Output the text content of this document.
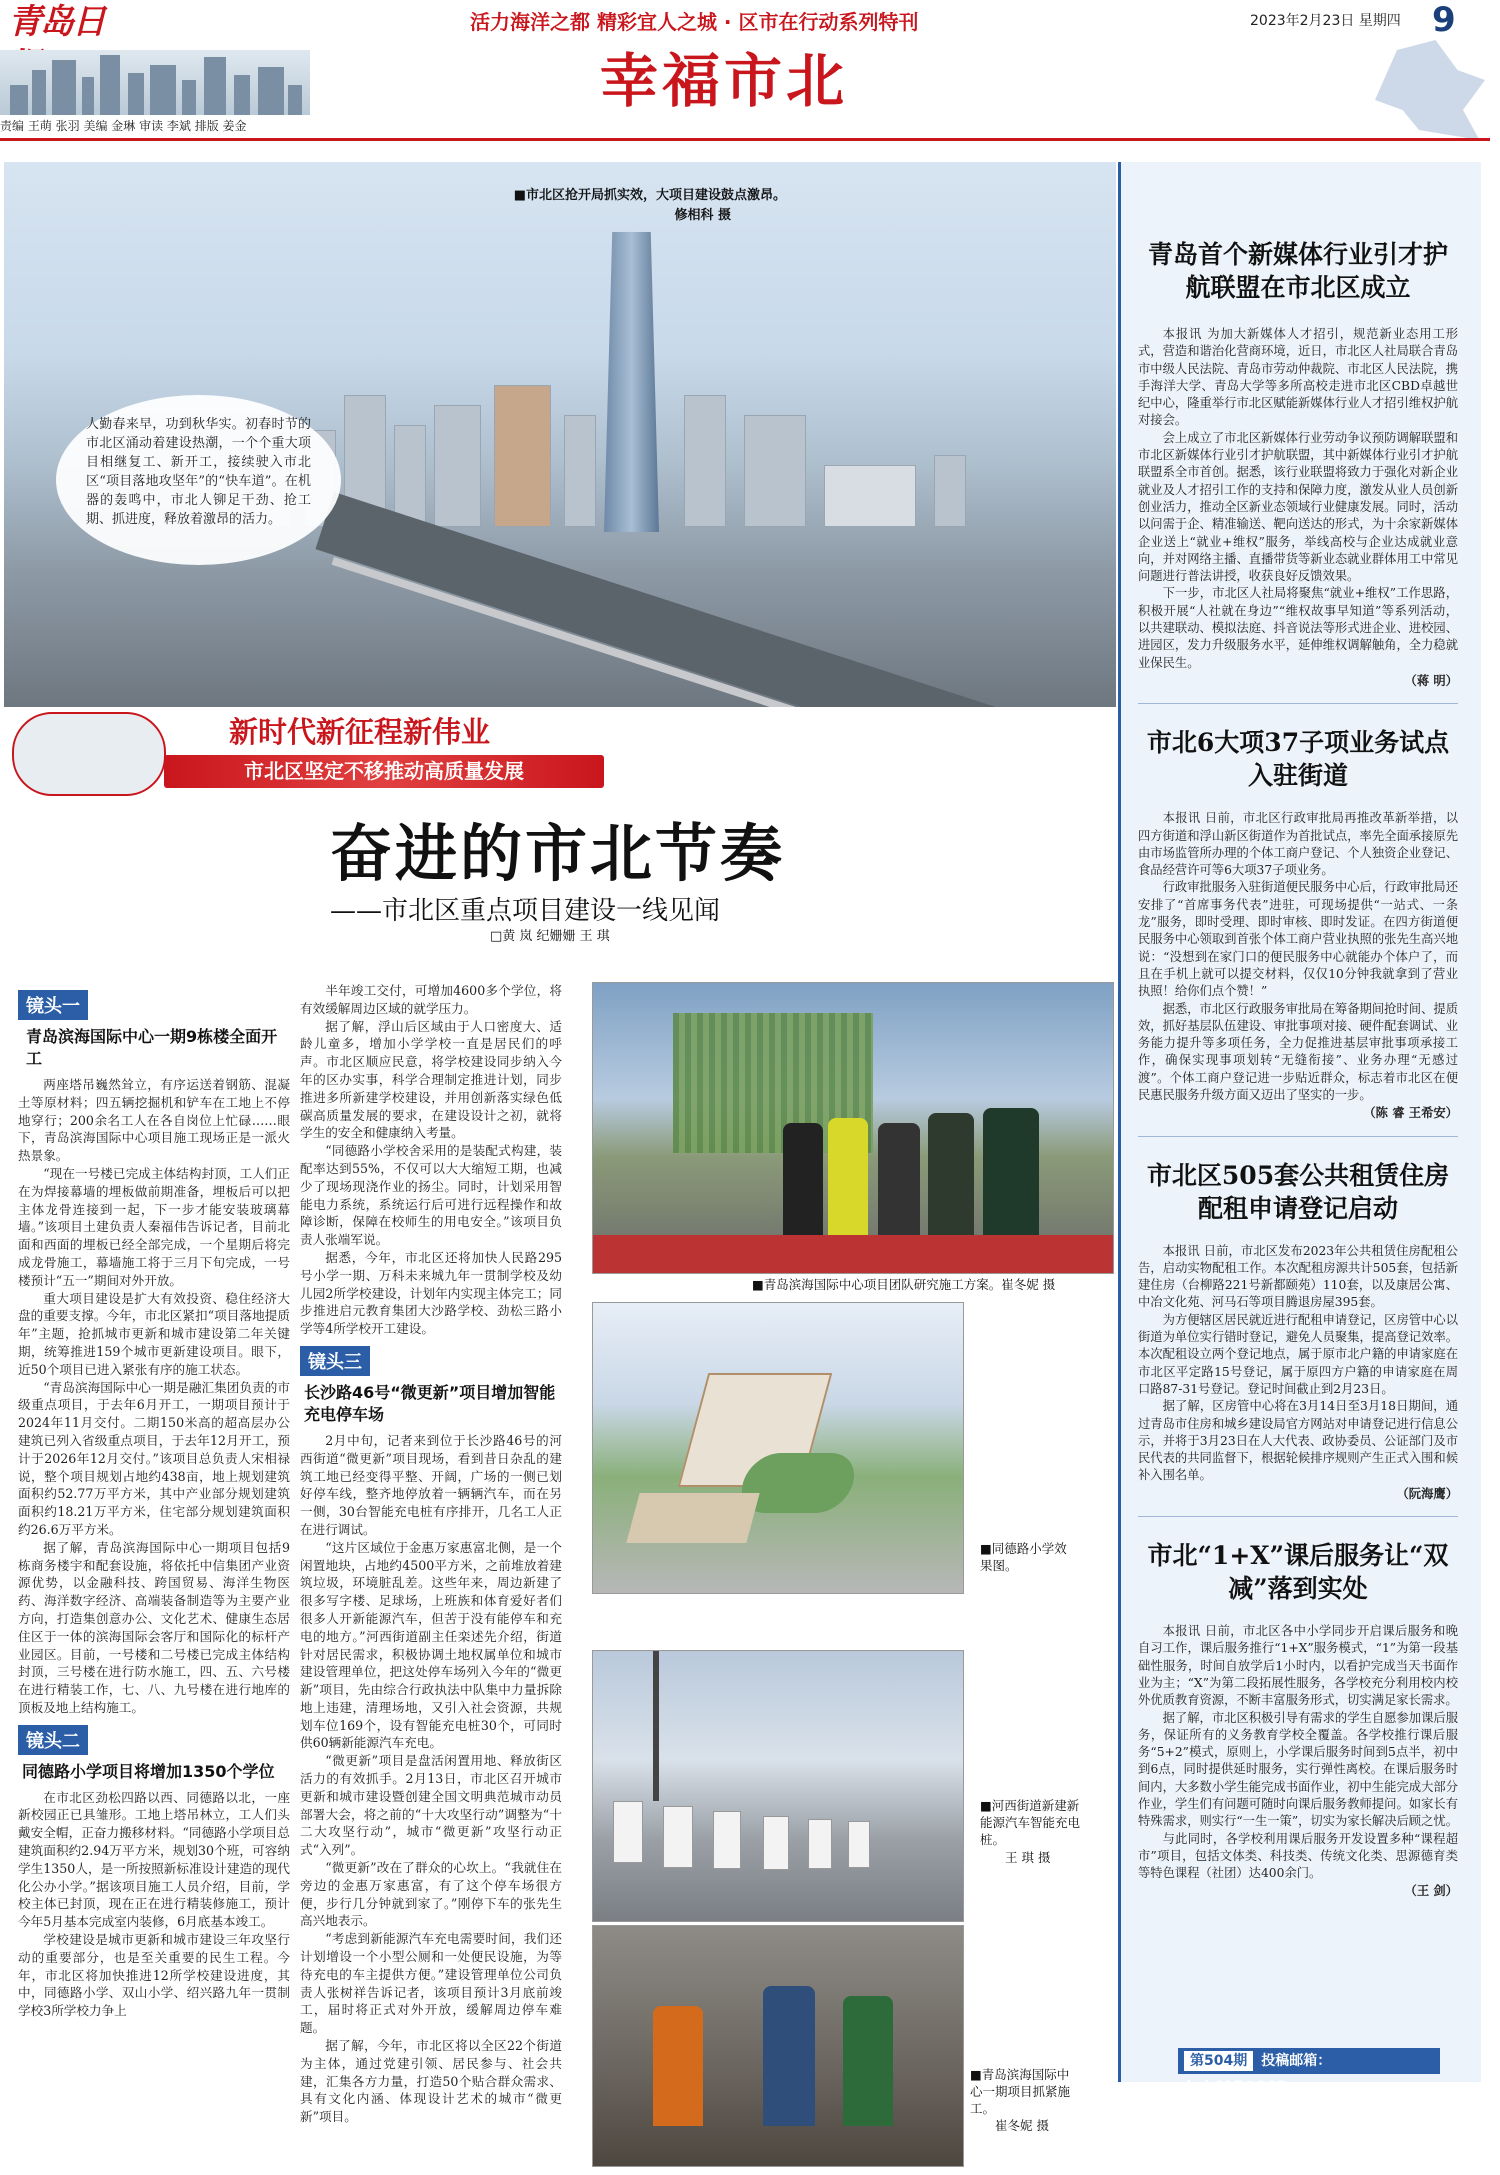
青岛日	活力海洋之都 精彩宜人之城 · 区市在行动系列特刊
幸福市北
2023年2月23日 星期四 9
责编 王萌 张羽 美编 金琳 审读 李斌 排版 姜金
■市北区抢开局抓实效，大项目建设鼓点激昂。
修相科 摄
人勤春来早，功到秋华实。初春时节的市北区涌动着建设热潮，一个个重大项目相继复工、新开工，接续驶入市北区“项目落地攻坚年”的“快车道”。在机器的轰鸣中，市北人铆足干劲、抢工期、抓进度，释放着激昂的活力。
新时代新征程新伟业
市北区坚定不移推动高质量发展
奋进的市北节奏
——市北区重点项目建设一线见闻
□黄 岚 纪姗姗 王 琪
镜头一
青岛滨海国际中心一期9栋楼全面开工

两座塔吊巍然耸立，有序运送着钢筋、混凝土等原材料；四五辆挖掘机和铲车在工地上不停地穿行；200余名工人在各自岗位上忙碌……眼下，青岛滨海国际中心项目施工现场正是一派火热景象。

“现在一号楼已完成主体结构封顶，工人们正在为焊接幕墙的埋板做前期准备，埋板后可以把主体龙骨连接到一起，下一步才能安装玻璃幕墙。”该项目土建负责人秦福伟告诉记者，目前北面和西面的埋板已经全部完成，一个星期后将完成龙骨施工，幕墙施工将于三月下旬完成，一号楼预计“五一”期间对外开放。

重大项目建设是扩大有效投资、稳住经济大盘的重要支撑。今年，市北区紧扣“项目落地提质年”主题，抢抓城市更新和城市建设第二年关键期，统筹推进159个城市更新建设项目。眼下，近50个项目已进入紧张有序的施工状态。

“青岛滨海国际中心一期是融汇集团负责的市级重点项目，于去年6月开工，一期项目预计于2024年11月交付。二期150米高的超高层办公建筑已列入省级重点项目，于去年12月开工，预计于2026年12月交付。”该项目总负责人宋相禄说，整个项目规划占地约438亩，地上规划建筑面积约52.77万平方米，其中产业部分规划建筑面积约18.21万平方米，住宅部分规划建筑面积约26.6万平方米。

据了解，青岛滨海国际中心一期项目包括9栋商务楼宇和配套设施，将依托中信集团产业资源优势，以金融科技、跨国贸易、海洋生物医药、海洋数字经济、高端装备制造等为主要产业方向，打造集创意办公、文化艺术、健康生态居住区于一体的滨海国际会客厅和国际化的标杆产业园区。目前，一号楼和二号楼已完成主体结构封顶，三号楼在进行防水施工，四、五、六号楼在进行精装工作，七、八、九号楼在进行地库的顶板及地上结构施工。

镜头二
同德路小学项目将增加1350个学位

在市北区劲松四路以西、同德路以北，一座新校园正已具雏形。工地上塔吊林立，工人们头戴安全帽，正奋力搬移材料。“同德路小学项目总建筑面积约2.94万平方米，规划30个班，可容纳学生1350人，是一所按照新标准设计建造的现代化公办小学。”据该项目施工人员介绍，目前，学校主体已封顶，现在正在进行精装修施工，预计今年5月基本完成室内装修，6月底基本竣工。

学校建设是城市更新和城市建设三年攻坚行动的重要部分，也是至关重要的民生工程。今年，市北区将加快推进12所学校建设进度，其中，同德路小学、双山小学、绍兴路九年一贯制学校3所学校力争上

半年竣工交付，可增加4600多个学位，将有效缓解周边区域的就学压力。

据了解，浮山后区域由于人口密度大、适龄儿童多，增加小学学校一直是居民们的呼声。市北区顺应民意，将学校建设同步纳入今年的区办实事，科学合理制定推进计划，同步推进多所新建学校建设，并用创新落实绿色低碳高质量发展的要求，在建设设计之初，就将学生的安全和健康纳入考量。

“同德路小学校舍采用的是装配式构建，装配率达到55%，不仅可以大大缩短工期，也减少了现场现浇作业的扬尘。同时，计划采用智能电力系统，系统运行后可进行远程操作和故障诊断，保障在校师生的用电安全。”该项目负责人张端军说。

据悉，今年，市北区还将加快人民路295号小学一期、万科未来城九年一贯制学校及幼儿园2所学校建设，计划年内实现主体完工；同步推进启元教育集团大沙路学校、劲松三路小学等4所学校开工建设。

镜头三
长沙路46号“微更新”项目增加智能充电停车场

2月中旬，记者来到位于长沙路46号的河西街道“微更新”项目现场，看到昔日杂乱的建筑工地已经变得平整、开阔，广场的一侧已划好停车线，整齐地停放着一辆辆汽车，而在另一侧，30台智能充电桩有序排开，几名工人正在进行调试。

“这片区域位于金惠万家惠富北侧，是一个闲置地块，占地约4500平方米，之前堆放着建筑垃圾，环境脏乱差。这些年来，周边新建了很多写字楼、足球场，上班族和体育爱好者们很多人开新能源汽车，但苦于没有能停车和充电的地方。”河西街道副主任栾述先介绍，街道针对居民需求，积极协调土地权属单位和城市建设管理单位，把这处停车场列入今年的“微更新”项目，先由综合行政执法中队集中力量拆除地上违建，清理场地，又引入社会资源，共规划车位169个，设有智能充电桩30个，可同时供60辆新能源汽车充电。

“微更新”项目是盘活闲置用地、释放街区活力的有效抓手。2月13日，市北区召开城市更新和城市建设暨创建全国文明典范城市动员部署大会，将之前的“十大攻坚行动”调整为“十二大攻坚行动”，城市“微更新”攻坚行动正式“入列”。

“微更新”改在了群众的心坎上。“我就住在旁边的金惠万家惠富，有了这个停车场很方便，步行几分钟就到家了。”刚停下车的张先生高兴地表示。

“考虑到新能源汽车充电需要时间，我们还计划增设一个小型公厕和一处便民设施，为等待充电的车主提供方便。”建设管理单位公司负责人张树祥告诉记者，该项目预计3月底前竣工，届时将正式对外开放，缓解周边停车难题。

据了解，今年，市北区将以全区22个街道为主体，通过党建引领、居民参与、社会共建，汇集各方力量，打造50个贴合群众需求、具有文化内涵、体现设计艺术的城市“微更新”项目。

■青岛滨海国际中心项目团队研究施工方案。崔冬妮 摄
■同德路小学效果图。
■河西街道新建新能源汽车智能充电桩。
王 琪 摄
■青岛滨海国际中心一期项目抓紧施工。
崔冬妮 摄
青岛首个新媒体行业引才护航联盟在市北区成立

本报讯 为加大新媒体人才招引，规范新业态用工形式，营造和谐治化营商环境，近日，市北区人社局联合青岛市中级人民法院、青岛市劳动仲裁院、市北区人民法院，携手海洋大学、青岛大学等多所高校走进市北区CBD卓越世纪中心，隆重举行市北区赋能新媒体行业人才招引维权护航对接会。

会上成立了市北区新媒体行业劳动争议预防调解联盟和市北区新媒体行业引才护航联盟，其中新媒体行业引才护航联盟系全市首创。据悉，该行业联盟将致力于强化对新企业就业及人才招引工作的支持和保障力度，激发从业人员创新创业活力，推动全区新业态领域行业健康发展。同时，活动以问需于企、精准输送、靶向送达的形式，为十余家新媒体企业送上“就业+维权”服务，举线高校与企业达成就业意向，并对网络主播、直播带货等新业态就业群体用工中常见问题进行普法讲授，收获良好反馈效果。

下一步，市北区人社局将聚焦“就业+维权”工作思路，积极开展“人社就在身边”“维权故事早知道”等系列活动，以共建联动、模拟法庭、抖音说法等形式进企业、进校园、进园区，发力升级服务水平，延伸维权调解触角，全力稳就业保民生。

（蒋 明）
市北6大项37子项业务试点入驻街道

本报讯 日前，市北区行政审批局再推改革新举措，以四方街道和浮山新区街道作为首批试点，率先全面承接原先由市场监管所办理的个体工商户登记、个人独资企业登记、食品经营许可等6大项37子项业务。

行政审批服务入驻街道便民服务中心后，行政审批局还安排了“首席事务代表”进驻，可现场提供“一站式、一条龙”服务，即时受理、即时审核、即时发证。在四方街道便民服务中心领取到首张个体工商户营业执照的张先生高兴地说：“没想到在家门口的便民服务中心就能办个体户了，而且在手机上就可以提交材料，仅仅10分钟我就拿到了营业执照！给你们点个赞！”

据悉，市北区行政服务审批局在筹备期间抢时间、提质效，抓好基层队伍建设、审批事项对接、硬件配套调试、业务能力提升等多项任务，全力促推进基层审批事项承接工作，确保实现事项划转“无缝衔接”、业务办理“无感过渡”。个体工商户登记进一步贴近群众，标志着市北区在便民惠民服务升级方面又迈出了坚实的一步。

（陈 睿 王希安）
市北区505套公共租赁住房配租申请登记启动

本报讯 日前，市北区发布2023年公共租赁住房配租公告，启动实物配租工作。本次配租房源共计505套，包括新建住房（台柳路221号新都颐苑）110套，以及康居公寓、中冶文化苑、河马石等项目腾退房屋395套。

为方便辖区居民就近进行配租申请登记，区房管中心以街道为单位实行错时登记，避免人员聚集，提高登记效率。本次配租设立两个登记地点，属于原市北户籍的申请家庭在市北区平定路15号登记，属于原四方户籍的申请家庭在周口路87-31号登记。登记时间截止到2月23日。

据了解，区房管中心将在3月14日至3月18日期间，通过青岛市住房和城乡建设局官方网站对申请登记进行信息公示，并将于3月23日在人大代表、政协委员、公证部门及市民代表的共同监督下，根据轮候排序规则产生正式入围和候补入围名单。

（阮海鹰）
市北“1+X”课后服务让“双减”落到实处

本报讯 日前，市北区各中小学同步开启课后服务和晚自习工作，课后服务推行“1+X”服务模式，“1”为第一段基础性服务，时间自放学后1小时内，以看护完成当天书面作业为主；“X”为第二段拓展性服务，各学校充分利用校内校外优质教育资源，不断丰富服务形式，切实满足家长需求。

据了解，市北区积极引导有需求的学生自愿参加课后服务，保证所有的义务教育学校全覆盖。各学校推行课后服务“5+2”模式，原则上，小学课后服务时间到5点半，初中到6点，同时提供延时服务，实行弹性离校。在课后服务时间内，大多数小学生能完成书面作业，初中生能完成大部分作业，学生们有问题可随时向课后服务教师提问。如家长有特殊需求，则实行“一生一策”，切实为家长解决后顾之忧。

与此同时，各学校利用课后服务开发设置多种“课程超市”项目，包括文体类、科技类、传统文化类、思源德育类等特色课程（社团）达400余门。

（王 剑）
第504期 投稿邮箱：sbzk617@163.com
